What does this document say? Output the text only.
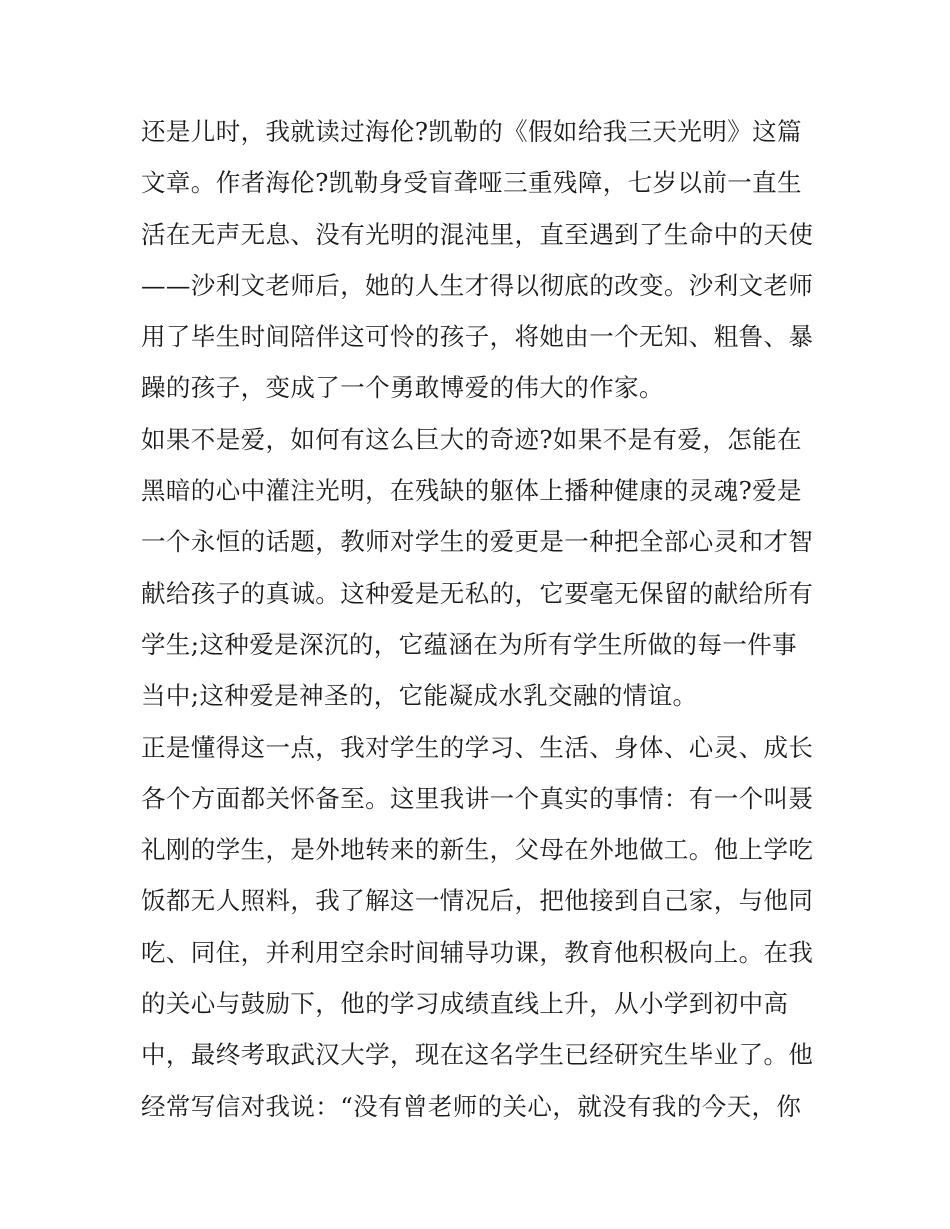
还是儿时，我就读过海伦?凯勒的《假如给我三天光明》这篇
文章。作者海伦?凯勒身受盲聋哑三重残障，七岁以前一直生
活在无声无息、没有光明的混沌里，直至遇到了生命中的天使
——沙利文老师后，她的人生才得以彻底的改变。沙利文老师
用了毕生时间陪伴这可怜的孩子，将她由一个无知、粗鲁、暴
躁的孩子，变成了一个勇敢博爱的伟大的作家。
如果不是爱，如何有这么巨大的奇迹?如果不是有爱，怎能在
黑暗的心中灌注光明，在残缺的躯体上播种健康的灵魂?爱是
一个永恒的话题，教师对学生的爱更是一种把全部心灵和才智
献给孩子的真诚。这种爱是无私的，它要毫无保留的献给所有
学生;这种爱是深沉的，它蕴涵在为所有学生所做的每一件事
当中;这种爱是神圣的，它能凝成水乳交融的情谊。
正是懂得这一点，我对学生的学习、生活、身体、心灵、成长
各个方面都关怀备至。这里我讲一个真实的事情：有一个叫聂
礼刚的学生，是外地转来的新生，父母在外地做工。他上学吃
饭都无人照料，我了解这一情况后，把他接到自己家，与他同
吃、同住，并利用空余时间辅导功课，教育他积极向上。在我
的关心与鼓励下，他的学习成绩直线上升，从小学到初中高
中，最终考取武汉大学，现在这名学生已经研究生毕业了。他
经常写信对我说：“没有曾老师的关心，就没有我的今天，你
